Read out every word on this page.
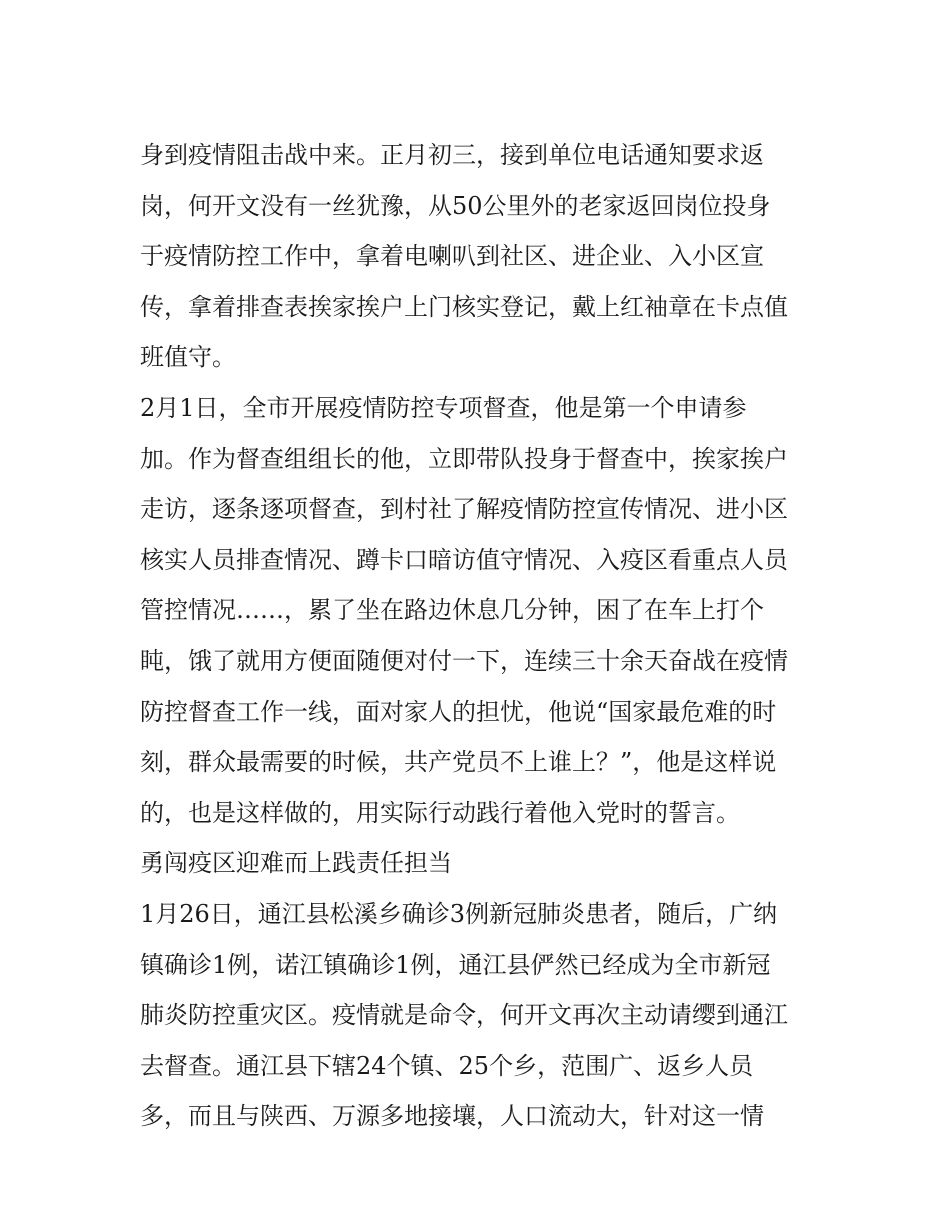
身到疫情阻击战中来。正月初三，接到单位电话通知要求返
岗，何开文没有一丝犹豫，从50公里外的老家返回岗位投身
于疫情防控工作中，拿着电喇叭到社区、进企业、入小区宣
传，拿着排查表挨家挨户上门核实登记，戴上红袖章在卡点值
班值守。
2月1日，全市开展疫情防控专项督查，他是第一个申请参
加。作为督查组组长的他，立即带队投身于督查中，挨家挨户
走访，逐条逐项督查，到村社了解疫情防控宣传情况、进小区
核实人员排查情况、蹲卡口暗访值守情况、入疫区看重点人员
管控情况……，累了坐在路边休息几分钟，困了在车上打个
盹，饿了就用方便面随便对付一下，连续三十余天奋战在疫情
防控督查工作一线，面对家人的担忧，他说“国家最危难的时
刻，群众最需要的时候，共产党员不上谁上？”，他是这样说
的，也是这样做的，用实际行动践行着他入党时的誓言。
勇闯疫区迎难而上践责任担当
1月26日，通江县松溪乡确诊3例新冠肺炎患者，随后，广纳
镇确诊1例，诺江镇确诊1例，通江县俨然已经成为全市新冠
肺炎防控重灾区。疫情就是命令，何开文再次主动请缨到通江
去督查。通江县下辖24个镇、25个乡，范围广、返乡人员
多，而且与陕西、万源多地接壤，人口流动大，针对这一情
